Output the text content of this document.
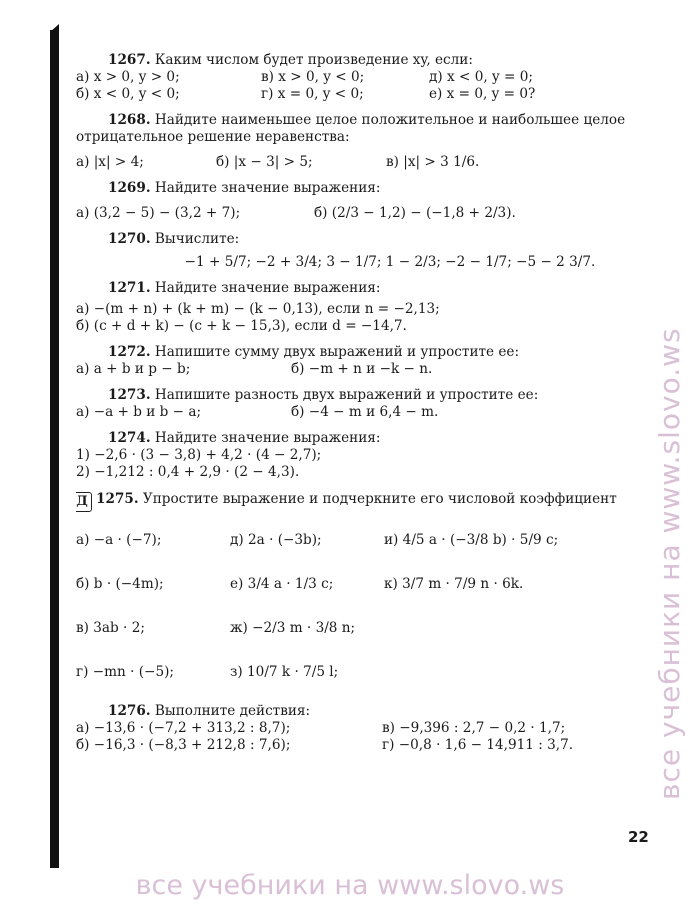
1267. Каким числом будет произведение xy, если:
а) x > 0, y > 0;	в) x > 0, y < 0;	д) x < 0, y = 0;
б) x < 0, y < 0;	г) x = 0, y < 0;	е) x = 0, y = 0?
1268. Найдите наименьшее целое положительное и наибольшее целое
отрицательное решение неравенства:
а) |x| > 4;	б) |x − 3| > 5;	в) |x| > 3 1/6.
1269. Найдите значение выражения:
а) (3,2 − 5) − (3,2 + 7);	б) (2/3 − 1,2) − (−1,8 + 2/3).
1270. Вычислите:
−1 + 5/7; −2 + 3/4; 3 − 1/7; 1 − 2/3; −2 − 1/7; −5 − 2 3/7.
1271. Найдите значение выражения:
а) −(m + n) + (k + m) − (k − 0,13), если n = −2,13;
б) (c + d + k) − (c + k − 15,3), если d = −14,7.
1272. Напишите сумму двух выражений и упростите ее:
а) a + b и p − b;	б) −m + n и −k − n.
1273. Напишите разность двух выражений и упростите ее:
а) −a + b и b − a;	б) −4 − m и 6,4 − m.
1274. Найдите значение выражения:
1) −2,6 · (3 − 3,8) + 4,2 · (4 − 2,7);
2) −1,212 : 0,4 + 2,9 · (2 − 4,3).
Д 1275. Упростите выражение и подчеркните его числовой коэффициент
а) −a · (−7);	д) 2a · (−3b);	и) 4/5 a · (−3/8 b) · 5/9 c;
б) b · (−4m);	е) 3/4 a · 1/3 c;	к) 3/7 m · 7/9 n · 6k.
в) 3ab · 2;	ж) −2/3 m · 3/8 n;
г) −mn · (−5);	з) 10/7 k · 7/5 l;
1276. Выполните действия:
а) −13,6 · (−7,2 + 313,2 : 8,7);	в) −9,396 : 2,7 − 0,2 · 1,7;
б) −16,3 · (−8,3 + 212,8 : 7,6);	г) −0,8 · 1,6 − 14,911 : 3,7.
22
все учебники на www.slovo.ws
все учебники на www.slovo.ws
